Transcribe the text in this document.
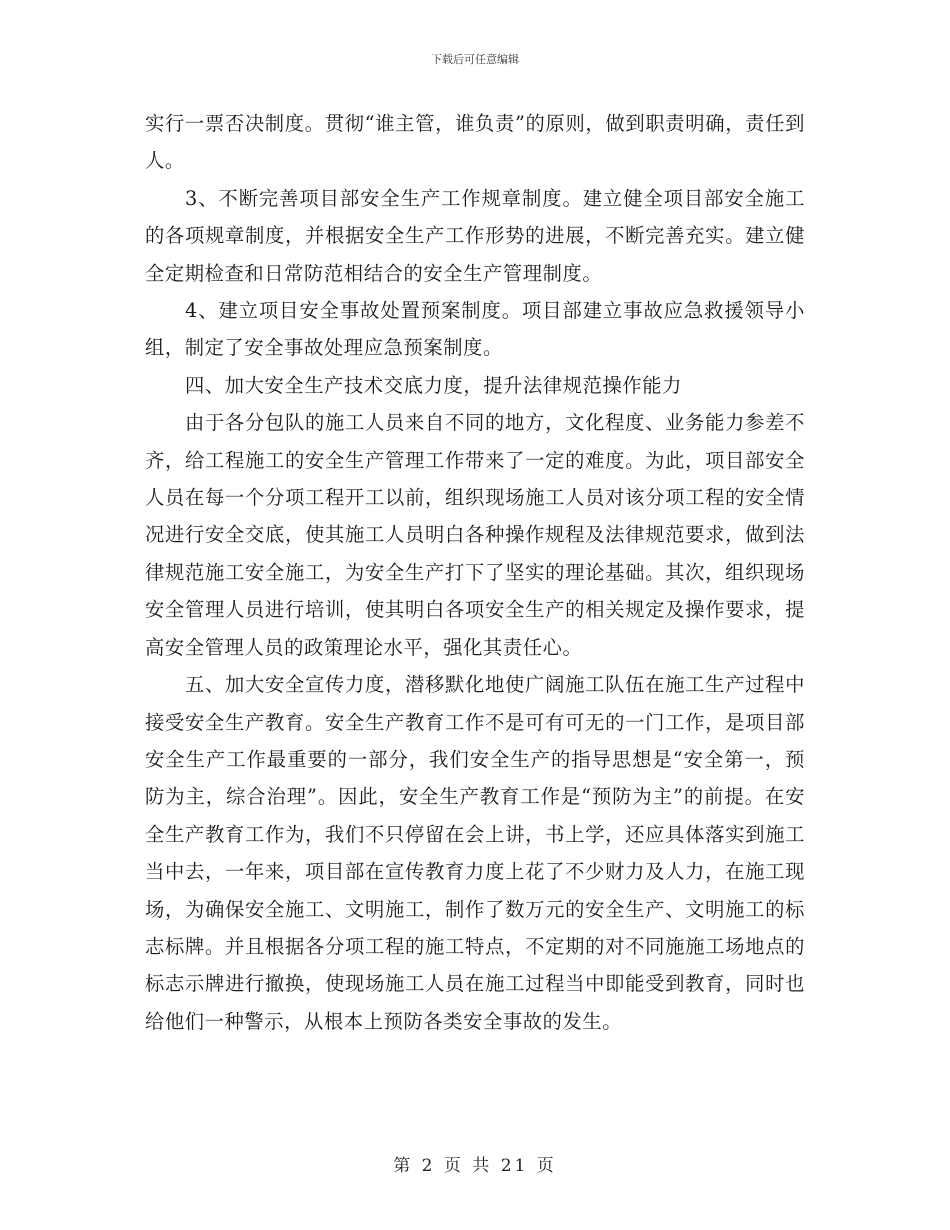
下载后可任意编辑

实行一票否决制度。贯彻“谁主管，谁负责”的原则，做到职责明确，责任到人。

3、不断完善项目部安全生产工作规章制度。建立健全项目部安全施工的各项规章制度，并根据安全生产工作形势的进展，不断完善充实。建立健全定期检查和日常防范相结合的安全生产管理制度。

4、建立项目安全事故处置预案制度。项目部建立事故应急救援领导小组，制定了安全事故处理应急预案制度。

四、加大安全生产技术交底力度，提升法律规范操作能力

由于各分包队的施工人员来自不同的地方，文化程度、业务能力参差不齐，给工程施工的安全生产管理工作带来了一定的难度。为此，项目部安全人员在每一个分项工程开工以前，组织现场施工人员对该分项工程的安全情况进行安全交底，使其施工人员明白各种操作规程及法律规范要求，做到法律规范施工安全施工，为安全生产打下了坚实的理论基础。其次，组织现场安全管理人员进行培训，使其明白各项安全生产的相关规定及操作要求，提高安全管理人员的政策理论水平，强化其责任心。

五、加大安全宣传力度，潜移默化地使广阔施工队伍在施工生产过程中接受安全生产教育。安全生产教育工作不是可有可无的一门工作，是项目部安全生产工作最重要的一部分，我们安全生产的指导思想是“安全第一，预防为主，综合治理”。因此，安全生产教育工作是“预防为主”的前提。在安全生产教育工作为，我们不只停留在会上讲，书上学，还应具体落实到施工当中去，一年来，项目部在宣传教育力度上花了不少财力及人力，在施工现场，为确保安全施工、文明施工，制作了数万元的安全生产、文明施工的标志标牌。并且根据各分项工程的施工特点，不定期的对不同施施工场地点的标志示牌进行撤换，使现场施工人员在施工过程当中即能受到教育，同时也给他们一种警示，从根本上预防各类安全事故的发生。

第 2 页 共 21 页
